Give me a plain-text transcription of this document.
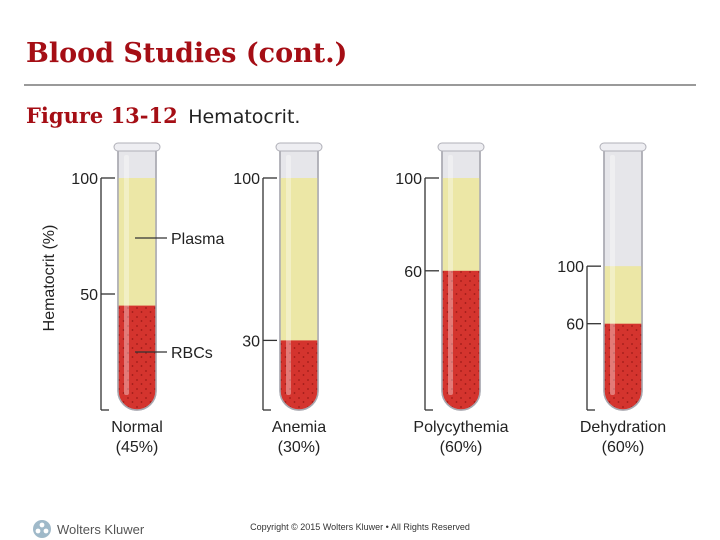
Blood Studies (cont.)
Figure 13-12 Hematocrit.
Hematocrit (%)
100
50
Normal
(45%)
Plasma
RBCs
100
30
Anemia
(30%)
100
60
Polycythemia
(60%)
100
60
Dehydration
(60%)
Wolters Kluwer	Copyright © 2015 Wolters Kluwer • All Rights Reserved
